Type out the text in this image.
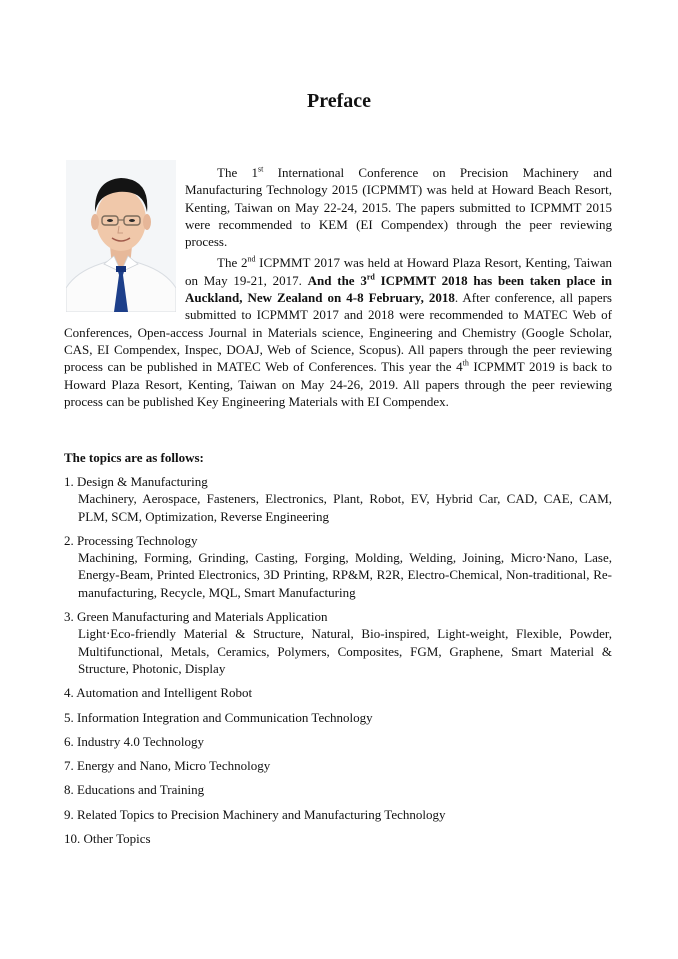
Preface

The 1st International Conference on Precision Machinery and Manufacturing Technology 2015 (ICPMMT) was held at Howard Beach Resort, Kenting, Taiwan on May 22-24, 2015. The papers submitted to ICPMMT 2015 were recommended to KEM (EI Compendex) through the peer reviewing process.

The 2nd ICPMMT 2017 was held at Howard Plaza Resort, Kenting, Taiwan on May 19-21, 2017. And the 3rd ICPMMT 2018 has been taken place in Auckland, New Zealand on 4-8 February, 2018. After conference, all papers submitted to ICPMMT 2017 and 2018 were recommended to MATEC Web of Conferences, Open-access Journal in Materials science, Engineering and Chemistry (Google Scholar, CAS, EI Compendex, Inspec, DOAJ, Web of Science, Scopus). All papers through the peer reviewing process can be published in MATEC Web of Conferences. This year the 4th ICPMMT 2019 is back to Howard Plaza Resort, Kenting, Taiwan on May 24-26, 2019. All papers through the peer reviewing process can be published Key Engineering Materials with EI Compendex.

The topics are as follows:
1. Design & Manufacturing
Machinery, Aerospace, Fasteners, Electronics, Plant, Robot, EV, Hybrid Car, CAD, CAE, CAM, PLM, SCM, Optimization, Reverse Engineering
2. Processing Technology
Machining, Forming, Grinding, Casting, Forging, Molding, Welding, Joining, Micro‧Nano, Lase, Energy-Beam, Printed Electronics, 3D Printing, RP&M, R2R, Electro-Chemical, Non-traditional, Re-manufacturing, Recycle, MQL, Smart Manufacturing
3. Green Manufacturing and Materials Application
Light‧Eco-friendly Material & Structure, Natural, Bio-inspired, Light-weight, Flexible, Powder, Multifunctional, Metals, Ceramics, Polymers, Composites, FGM, Graphene, Smart Material & Structure, Photonic, Display
4. Automation and Intelligent Robot
5. Information Integration and Communication Technology
6. Industry 4.0 Technology
7. Energy and Nano, Micro Technology
8. Educations and Training
9. Related Topics to Precision Machinery and Manufacturing Technology
10. Other Topics
